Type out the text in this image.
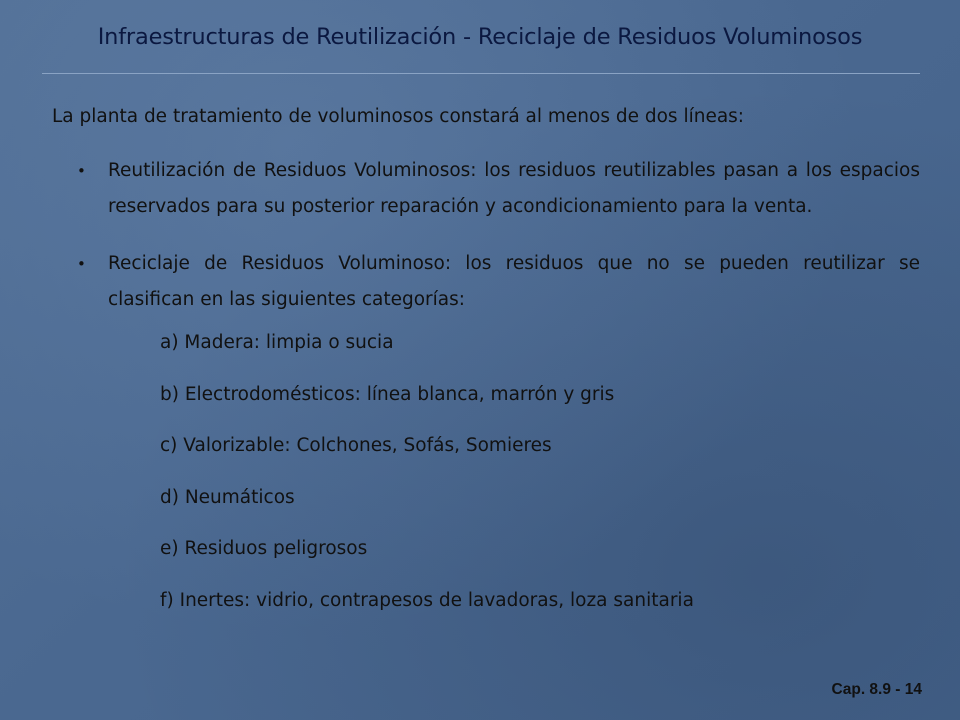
Infraestructuras de Reutilización - Reciclaje de Residuos Voluminosos

La planta de tratamiento de voluminosos constará al menos de dos líneas:

• Reutilización de Residuos Voluminosos: los residuos reutilizables pasan a los espacios reservados para su posterior reparación y acondicionamiento para la venta.
• Reciclaje de Residuos Voluminoso: los residuos que no se pueden reutilizar se clasifican en las siguientes categorías:
a) Madera: limpia o sucia
b) Electrodomésticos: línea blanca, marrón y gris
c) Valorizable: Colchones, Sofás, Somieres
d) Neumáticos
e) Residuos peligrosos
f) Inertes: vidrio, contrapesos de lavadoras, loza sanitaria
Cap. 8.9 - 14
